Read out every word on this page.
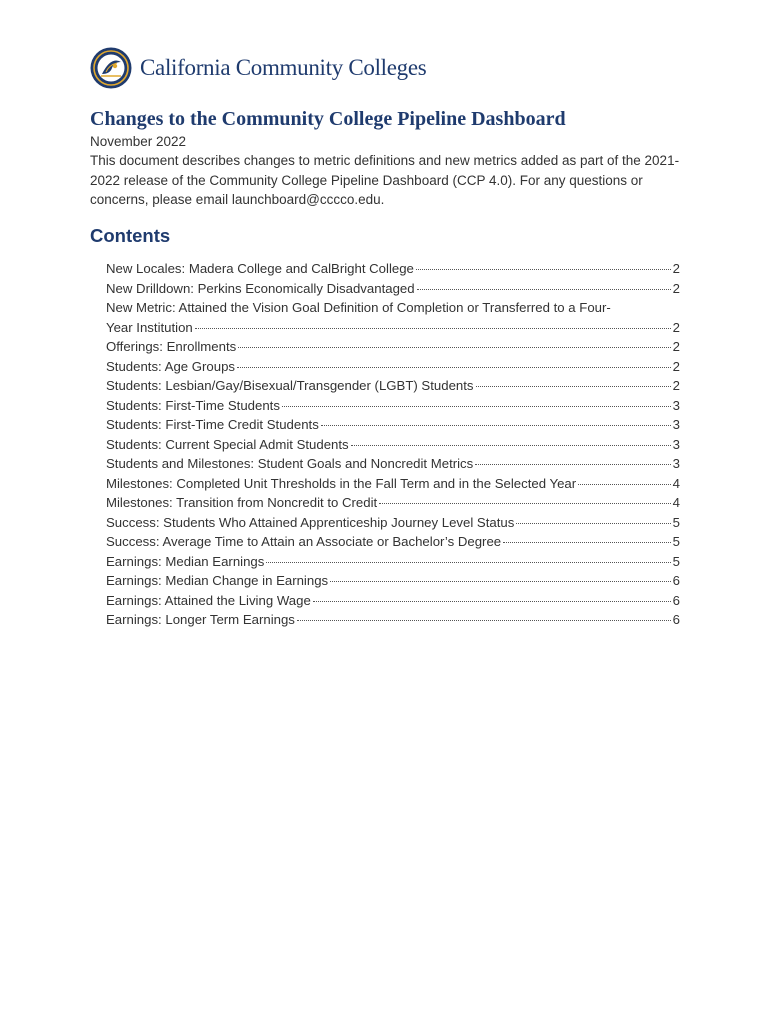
California Community Colleges
Changes to the Community College Pipeline Dashboard
November 2022

This document describes changes to metric definitions and new metrics added as part of the 2021-2022 release of the Community College Pipeline Dashboard (CCP 4.0). For any questions or concerns, please email launchboard@cccco.edu.

Contents
New Locales: Madera College and CalBright College	2
New Drilldown: Perkins Economically Disadvantaged	2
New Metric: Attained the Vision Goal Definition of Completion or Transferred to a Four-
Year Institution	2
Offerings: Enrollments	2
Students: Age Groups	2
Students: Lesbian/Gay/Bisexual/Transgender (LGBT) Students	2
Students: First-Time Students	3
Students: First-Time Credit Students	3
Students: Current Special Admit Students	3
Students and Milestones: Student Goals and Noncredit Metrics	3
Milestones: Completed Unit Thresholds in the Fall Term and in the Selected Year	4
Milestones: Transition from Noncredit to Credit	4
Success: Students Who Attained Apprenticeship Journey Level Status	5
Success: Average Time to Attain an Associate or Bachelor’s Degree	5
Earnings: Median Earnings	5
Earnings: Median Change in Earnings	6
Earnings: Attained the Living Wage	6
Earnings: Longer Term Earnings	6
